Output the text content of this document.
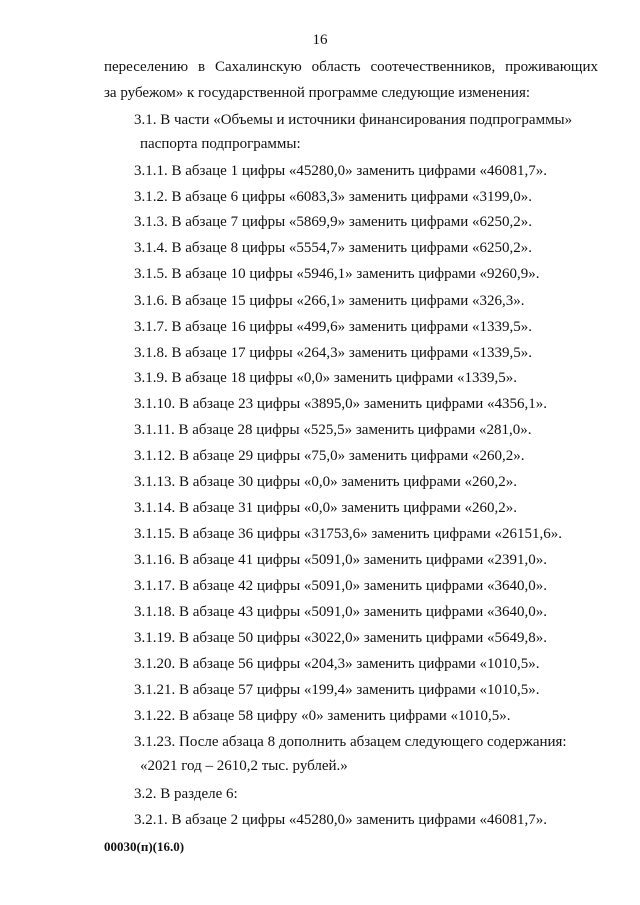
16
переселению в Сахалинскую область соотечественников, проживающих
за рубежом» к государственной программе следующие изменения:
3.1. В части «Объемы и источники финансирования подпрограммы»
паспорта подпрограммы:
3.1.1. В абзаце 1 цифры «45280,0» заменить цифрами «46081,7».
3.1.2. В абзаце 6 цифры «6083,3» заменить цифрами «3199,0».
3.1.3. В абзаце 7 цифры «5869,9» заменить цифрами «6250,2».
3.1.4. В абзаце 8 цифры «5554,7» заменить цифрами «6250,2».
3.1.5. В абзаце 10 цифры «5946,1» заменить цифрами «9260,9».
3.1.6. В абзаце 15 цифры «266,1» заменить цифрами «326,3».
3.1.7. В абзаце 16 цифры «499,6» заменить цифрами «1339,5».
3.1.8. В абзаце 17 цифры «264,3» заменить цифрами «1339,5».
3.1.9. В абзаце 18 цифры «0,0» заменить цифрами «1339,5».
3.1.10. В абзаце 23 цифры «3895,0» заменить цифрами «4356,1».
3.1.11. В абзаце 28 цифры «525,5» заменить цифрами «281,0».
3.1.12. В абзаце 29 цифры «75,0» заменить цифрами «260,2».
3.1.13. В абзаце 30 цифры «0,0» заменить цифрами «260,2».
3.1.14. В абзаце 31 цифры «0,0» заменить цифрами «260,2».
3.1.15. В абзаце 36 цифры «31753,6» заменить цифрами «26151,6».
3.1.16. В абзаце 41 цифры «5091,0» заменить цифрами «2391,0».
3.1.17. В абзаце 42 цифры «5091,0» заменить цифрами «3640,0».
3.1.18. В абзаце 43 цифры «5091,0» заменить цифрами «3640,0».
3.1.19. В абзаце 50 цифры «3022,0» заменить цифрами «5649,8».
3.1.20. В абзаце 56 цифры «204,3» заменить цифрами «1010,5».
3.1.21. В абзаце 57 цифры «199,4» заменить цифрами «1010,5».
3.1.22. В абзаце 58 цифру «0» заменить цифрами «1010,5».
3.1.23. После абзаца 8 дополнить абзацем следующего содержания:
«2021 год – 2610,2 тыс. рублей.»
3.2. В разделе 6:
3.2.1. В абзаце 2 цифры «45280,0» заменить цифрами «46081,7».
00030(п)(16.0)
